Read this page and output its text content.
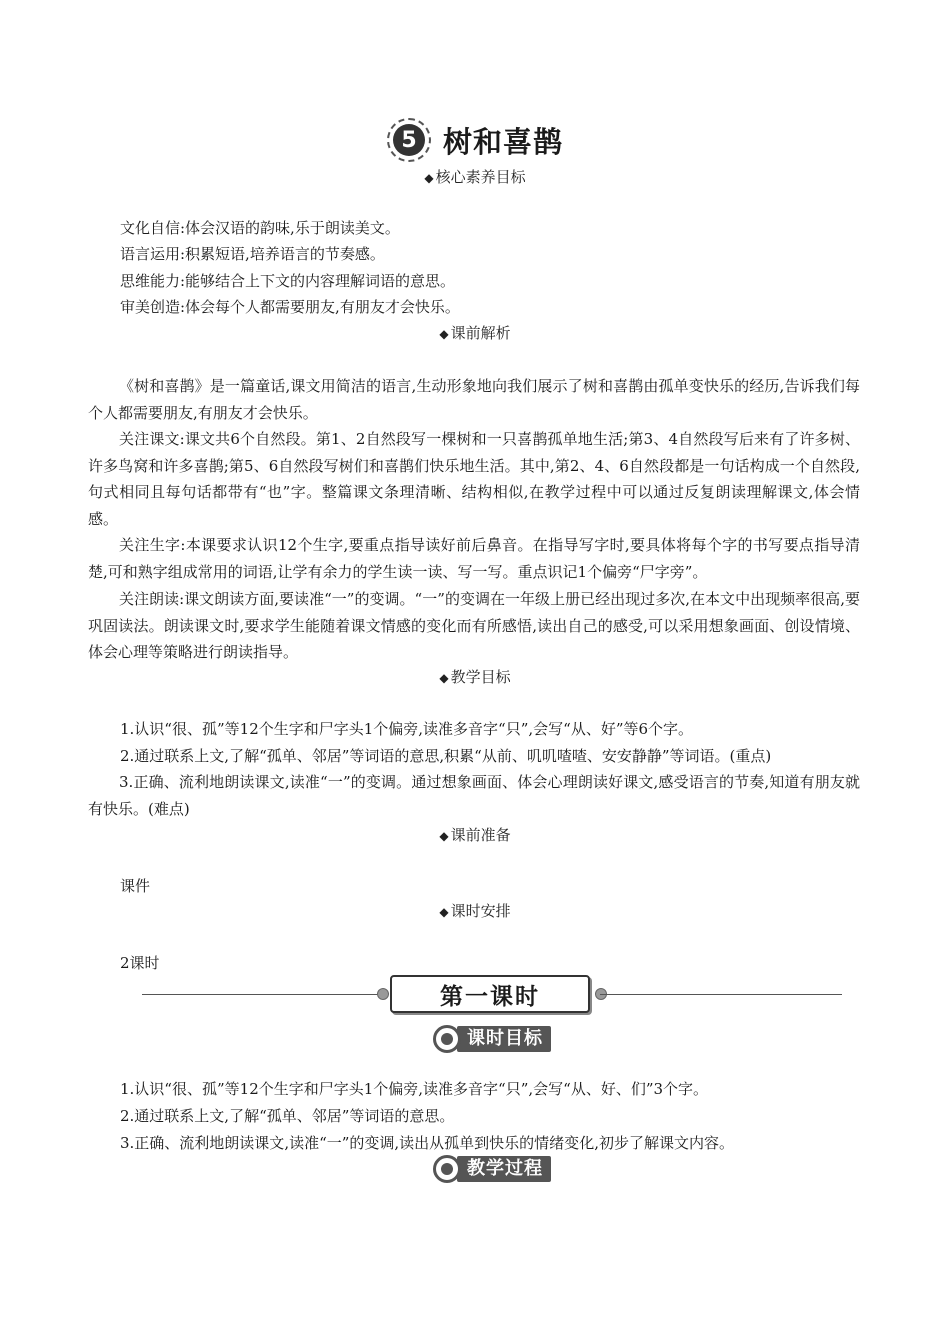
5 树和喜鹊
◆ 核心素养目标
文化自信:体会汉语的韵味,乐于朗读美文。
语言运用:积累短语,培养语言的节奏感。
思维能力:能够结合上下文的内容理解词语的意思。
审美创造:体会每个人都需要朋友,有朋友才会快乐。
◆ 课前解析

《树和喜鹊》是一篇童话,课文用简洁的语言,生动形象地向我们展示了树和喜鹊由孤单变快乐的经历,告诉我们每个人都需要朋友,有朋友才会快乐。

关注课文:课文共6个自然段。第1、2自然段写一棵树和一只喜鹊孤单地生活;第3、4自然段写后来有了许多树、许多鸟窝和许多喜鹊;第5、6自然段写树们和喜鹊们快乐地生活。其中,第2、4、6自然段都是一句话构成一个自然段,句式相同且每句话都带有“也”字。整篇课文条理清晰、结构相似,在教学过程中可以通过反复朗读理解课文,体会情感。

关注生字:本课要求认识12个生字,要重点指导读好前后鼻音。在指导写字时,要具体将每个字的书写要点指导清楚,可和熟字组成常用的词语,让学有余力的学生读一读、写一写。重点识记1个偏旁“尸字旁”。

关注朗读:课文朗读方面,要读准“一”的变调。“一”的变调在一年级上册已经出现过多次,在本文中出现频率很高,要巩固读法。朗读课文时,要求学生能随着课文情感的变化而有所感悟,读出自己的感受,可以采用想象画面、创设情境、体会心理等策略进行朗读指导。

◆ 教学目标
1.认识“很、孤”等12个生字和尸字头1个偏旁,读准多音字“只”,会写“从、好”等6个字。
2.通过联系上文,了解“孤单、邻居”等词语的意思,积累“从前、叽叽喳喳、安安静静”等词语。(重点)

3.正确、流利地朗读课文,读准“一”的变调。通过想象画面、体会心理朗读好课文,感受语言的节奏,知道有朋友就有快乐。(难点)

◆ 课前准备
课件
◆ 课时安排
2课时
第一课时
课时目标
1.认识“很、孤”等12个生字和尸字头1个偏旁,读准多音字“只”,会写“从、好、们”3个字。
2.通过联系上文,了解“孤单、邻居”等词语的意思。
3.正确、流利地朗读课文,读准“一”的变调,读出从孤单到快乐的情绪变化,初步了解课文内容。
教学过程
